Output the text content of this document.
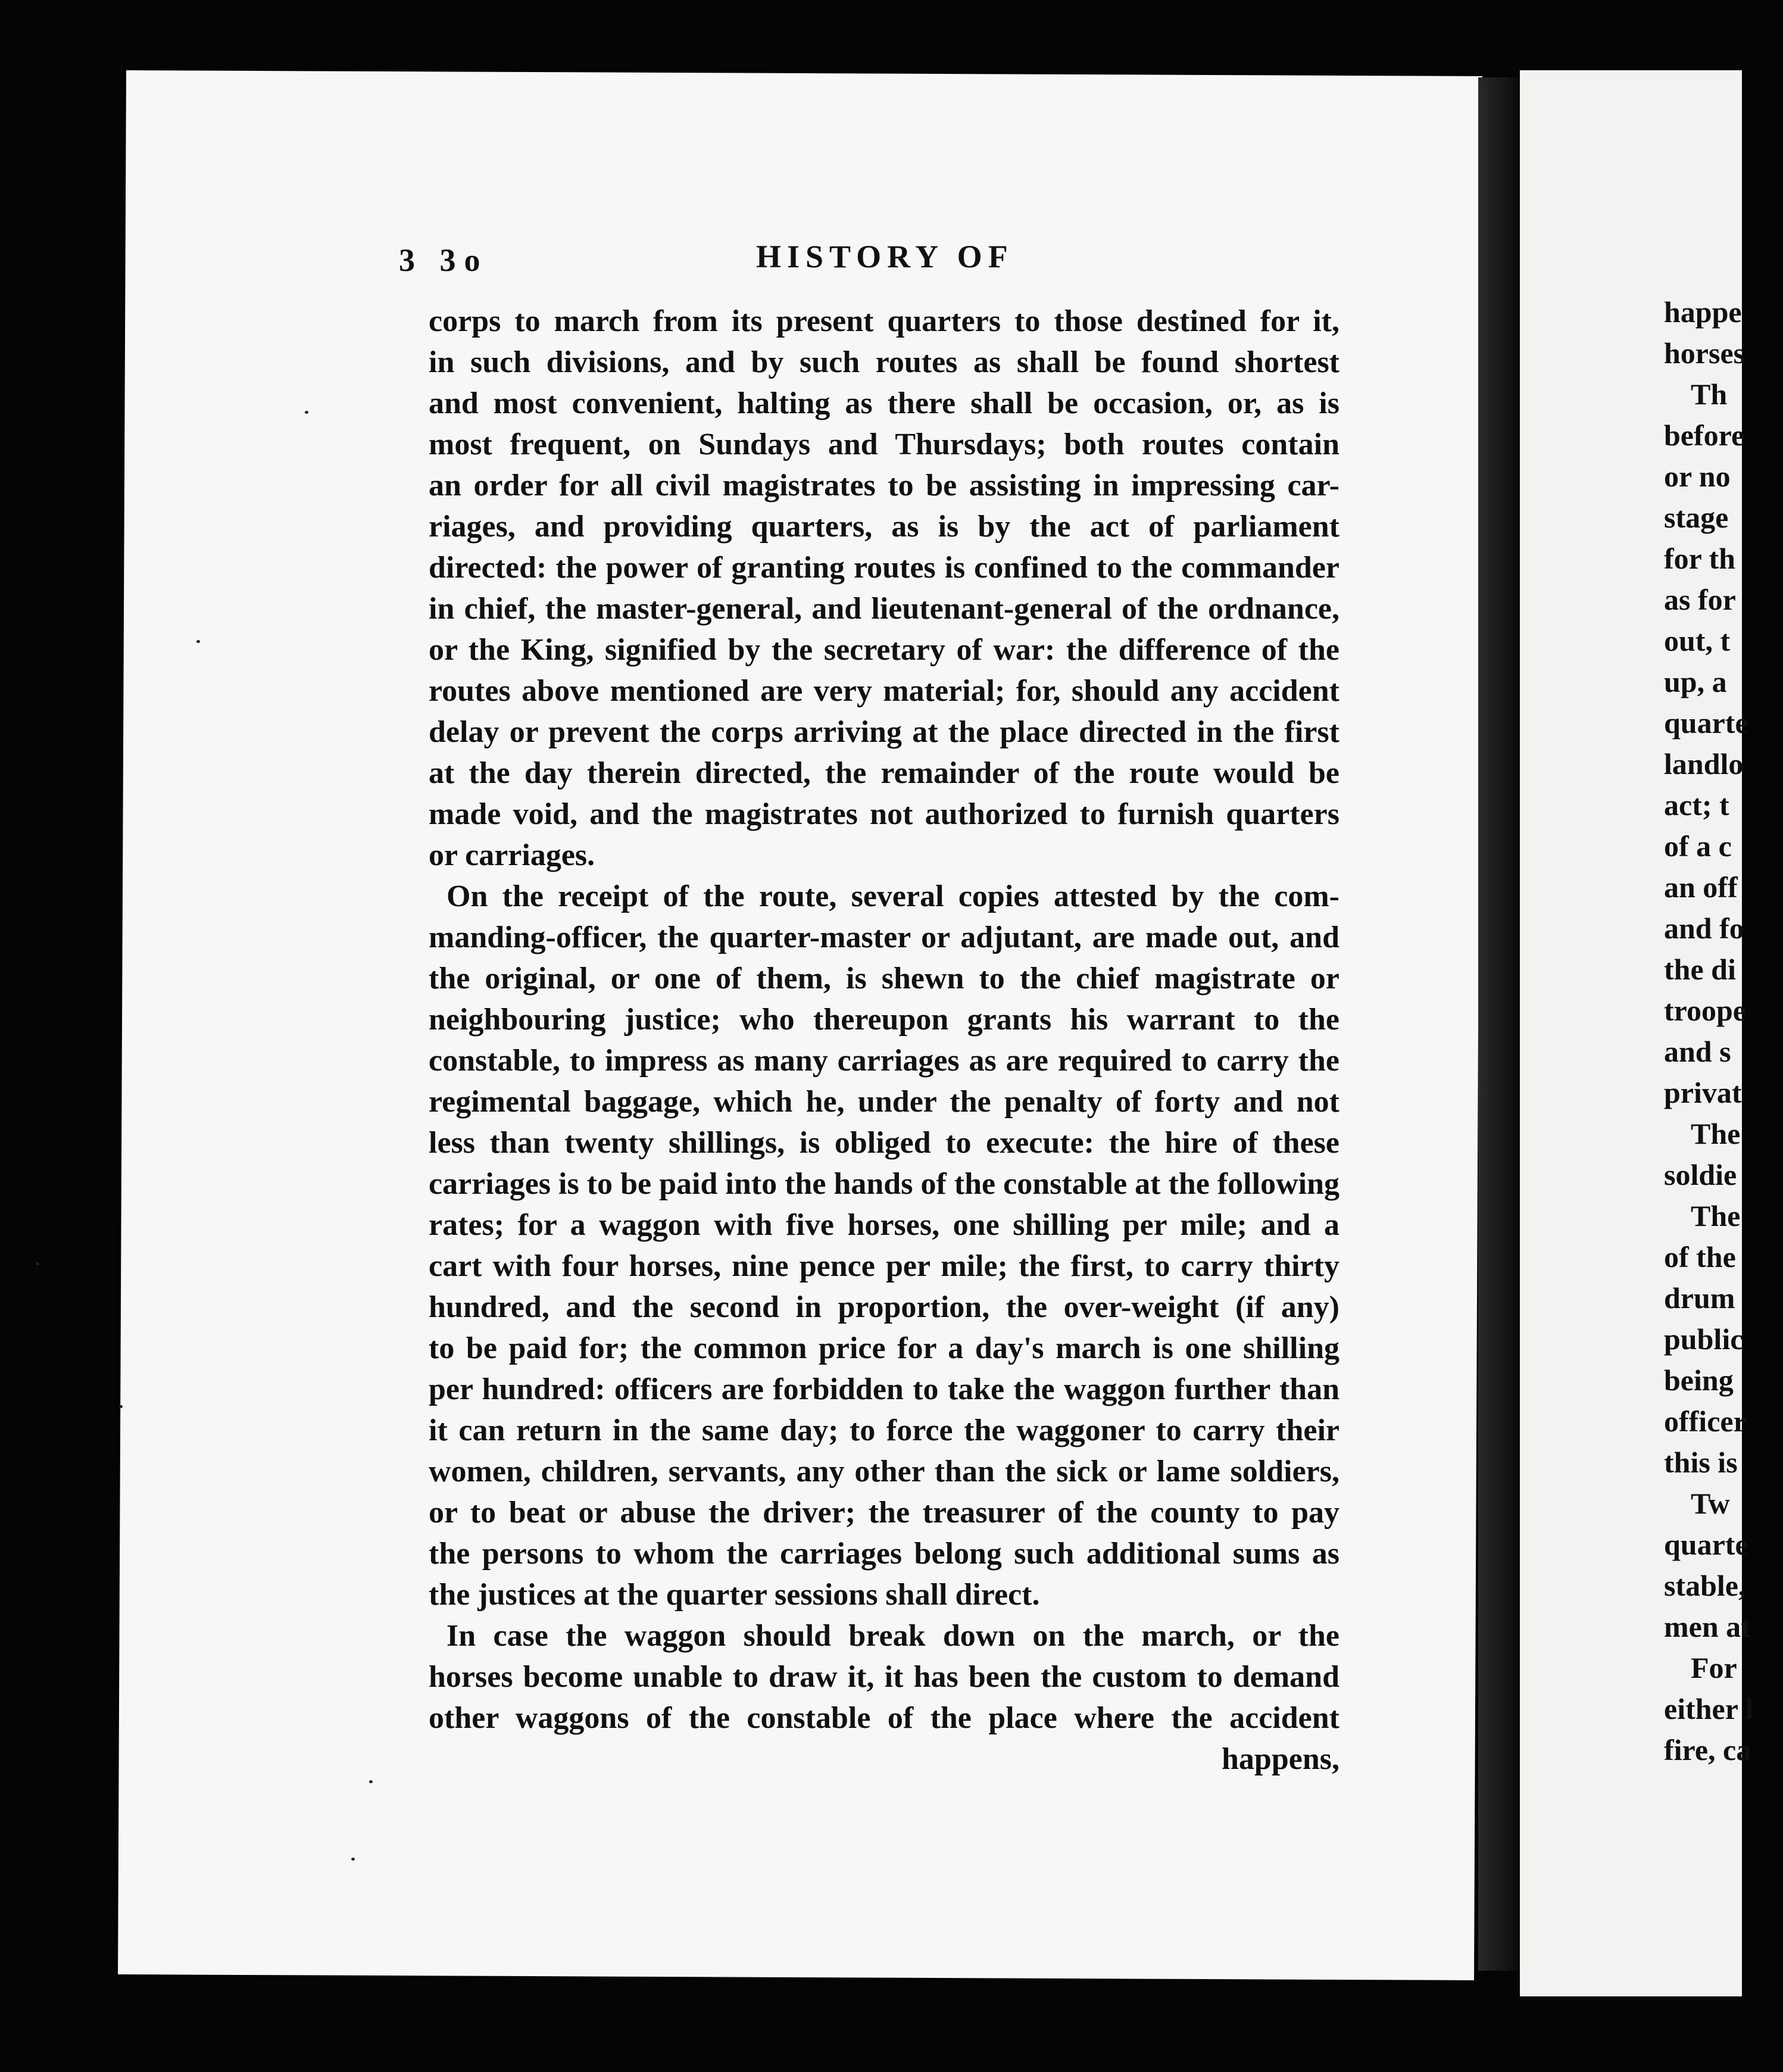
3 3o	HISTORY OF
corps to march from its present quarters to those destined for it,
in such divisions, and by such routes as shall be found shortest
and most convenient, halting as there shall be occasion, or, as is
most frequent, on Sundays and Thursdays; both routes contain
an order for all civil magistrates to be assisting in impressing car-
riages, and providing quarters, as is by the act of parliament
directed: the power of granting routes is confined to the commander
in chief, the master-general, and lieutenant-general of the ordnance,
or the King, signified by the secretary of war: the difference of the
routes above mentioned are very material; for, should any accident
delay or prevent the corps arriving at the place directed in the first
at the day therein directed, the remainder of the route would be
made void, and the magistrates not authorized to furnish quarters
or carriages.
On the receipt of the route, several copies attested by the com-
manding-officer, the quarter-master or adjutant, are made out, and
the original, or one of them, is shewn to the chief magistrate or
neighbouring justice; who thereupon grants his warrant to the
constable, to impress as many carriages as are required to carry the
regimental baggage, which he, under the penalty of forty and not
less than twenty shillings, is obliged to execute: the hire of these
carriages is to be paid into the hands of the constable at the following
rates; for a waggon with five horses, one shilling per mile; and a
cart with four horses, nine pence per mile; the first, to carry thirty
hundred, and the second in proportion, the over-weight (if any)
to be paid for; the common price for a day's march is one shilling
per hundred: officers are forbidden to take the waggon further than
it can return in the same day; to force the waggoner to carry their
women, children, servants, any other than the sick or lame soldiers,
or to beat or abuse the driver; the treasurer of the county to pay
the persons to whom the carriages belong such additional sums as
the justices at the quarter sessions shall direct.
In case the waggon should break down on the march, or the
horses become unable to draw it, it has been the custom to demand
other waggons of the constable of the place where the accident
happens,
happe
horses
Th
before
or no
stage
for th
as for
out, t
up, a
quarte
landlo
act; t
of a c
an off
and fo
the di
troope
and s
privat
The
soldie
The
of the
drum
public
being
officer
this is
Tw
quarte
stable,
men at
For
either l
fire, ca
